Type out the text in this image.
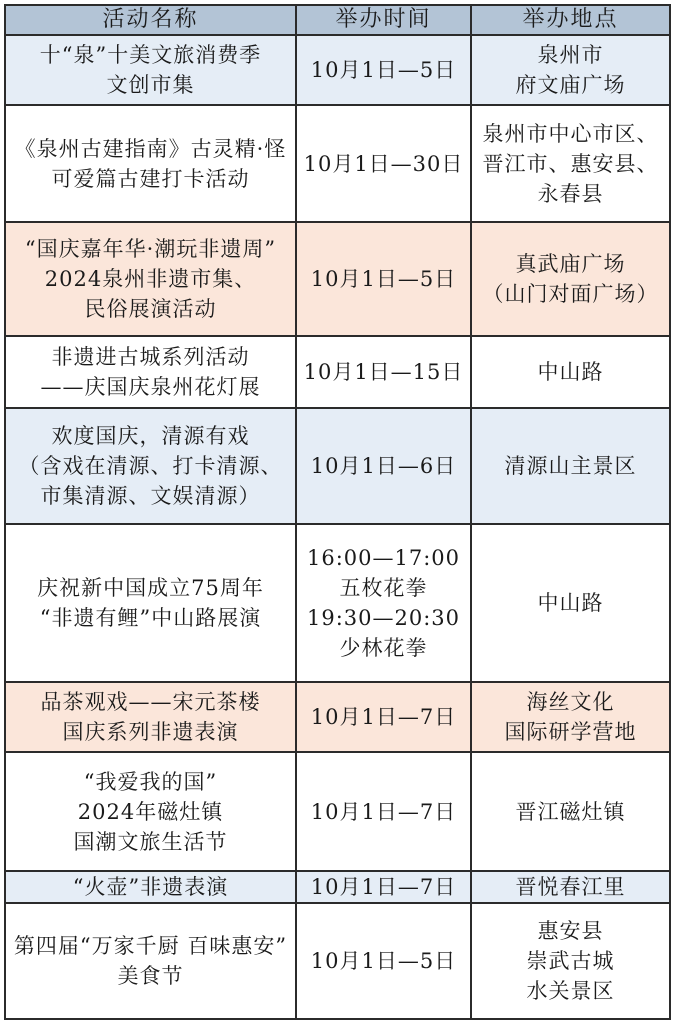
活动名称	举办时间	举办地点

十“泉”十美文旅消费季
文创市集	10月1日—5日	泉州市
府文庙广场

《泉州古建指南》古灵精·怪
可爱篇古建打卡活动	10月1日—30日	泉州市中心市区、
晋江市、惠安县、
永春县

“国庆嘉年华·潮玩非遗周”
2024泉州非遗市集、
民俗展演活动	10月1日—5日	真武庙广场
（山门对面广场）

非遗进古城系列活动
——庆国庆泉州花灯展	10月1日—15日	中山路

欢度国庆，清源有戏
（含戏在清源、打卡清源、
市集清源、文娱清源）	10月1日—6日	清源山主景区

庆祝新中国成立75周年
“非遗有鲤”中山路展演	16:00—17:00
五枚花拳
19:30—20:30
少林花拳	中山路

品茶观戏——宋元茶楼
国庆系列非遗表演	10月1日—7日	海丝文化
国际研学营地

“我爱我的国”
2024年磁灶镇
国潮文旅生活节	10月1日—7日	晋江磁灶镇

“火壶”非遗表演	10月1日—7日	晋悦春江里

第四届“万家千厨 百味惠安”
美食节	10月1日—5日	惠安县
崇武古城
水关景区
